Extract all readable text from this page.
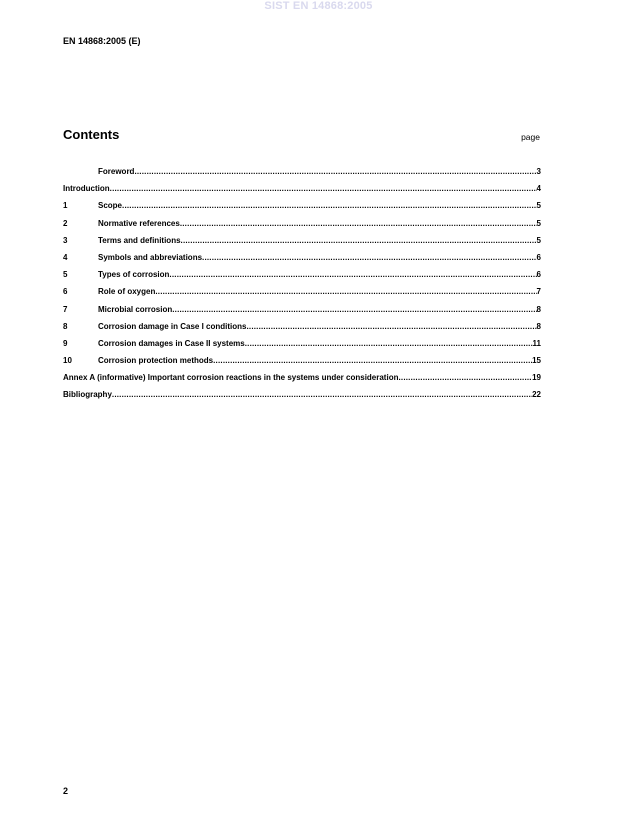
SIST EN 14868:2005
EN 14868:2005 (E)
Contents	page
Foreword .....	3
Introduction .....	4
1	Scope .....	5
2	Normative references .....	5
3	Terms and definitions .....	5
4	Symbols and abbreviations .....	6
5	Types of corrosion .....	6
6	Role of oxygen .....	7
7	Microbial corrosion .....	8
8	Corrosion damage in Case I conditions .....	8
9	Corrosion damages in Case II systems .....	11
10	Corrosion protection methods .....	15
Annex A (informative) Important corrosion reactions in the systems under consideration .....	19
Bibliography .....	22
2
